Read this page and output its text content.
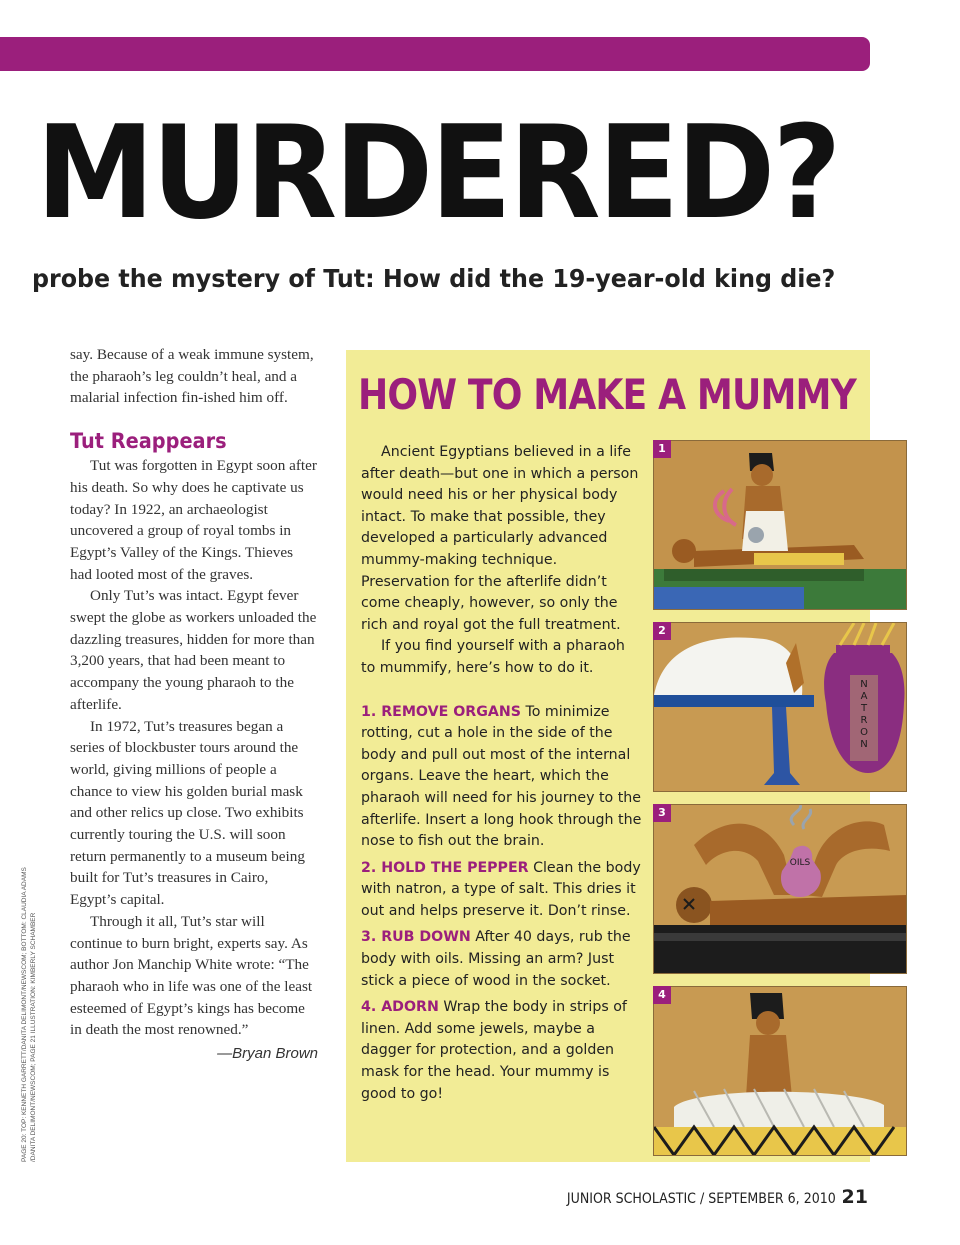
MURDERED?
probe the mystery of Tut: How did the 19-year-old king die?

say. Because of a weak immune system, the pharaoh’s leg couldn’t heal, and a malarial infection fin-ished him off.

Tut Reappears

Tut was forgotten in Egypt soon after his death. So why does he captivate us today? In 1922, an archaeologist uncovered a group of royal tombs in Egypt’s Valley of the Kings. Thieves had looted most of the graves.

Only Tut’s was intact. Egypt fever swept the globe as workers unloaded the dazzling treasures, hidden for more than 3,200 years, that had been meant to accompany the young pharaoh to the afterlife.

In 1972, Tut’s treasures began a series of blockbuster tours around the world, giving millions of people a chance to view his golden burial mask and other relics up close. Two exhibits currently touring the U.S. will soon return permanently to a museum being built for Tut’s treasures in Cairo, Egypt’s capital.

Through it all, Tut’s star will continue to burn bright, experts say. As author Jon Manchip White wrote: “The pharaoh who in life was one of the least esteemed of Egypt’s kings has become in death the most renowned.”

—Bryan Brown
PAGE 20: TOP: KENNETH GARRETT/DANITA DELIMONT/NEWSCOM; BOTTOM: CLAUDIA ADAMS /DANITA DELIMONT/NEWSCOM; PAGE 21 ILLUSTRATION: KIMBERLY SCHAMBER
HOW TO MAKE A MUMMY

Ancient Egyptians believed in a life after death—but one in which a person would need his or her physical body intact. To make that possible, they developed a particularly advanced mummy-making technique. Preservation for the afterlife didn’t come cheaply, however, so only the rich and royal got the full treatment.

If you find yourself with a pharaoh to mummify, here’s how to do it.

1. REMOVE ORGANS To minimize rotting, cut a hole in the side of the body and pull out most of the internal organs. Leave the heart, which the pharaoh will need for his journey to the afterlife. Insert a long hook through the nose to fish out the brain.

2. HOLD THE PEPPER Clean the body with natron, a type of salt. This dries it out and helps preserve it. Don’t rinse.

3. RUB DOWN After 40 days, rub the body with oils. Missing an arm? Just stick a piece of wood in the socket.

4. ADORN Wrap the body in strips of linen. Add some jewels, maybe a dagger for protection, and a golden mask for the head. Your mummy is good to go!

1
N A T R O N
2
OILS
3
4
JUNIOR SCHOLASTIC / SEPTEMBER 6, 2010 21
